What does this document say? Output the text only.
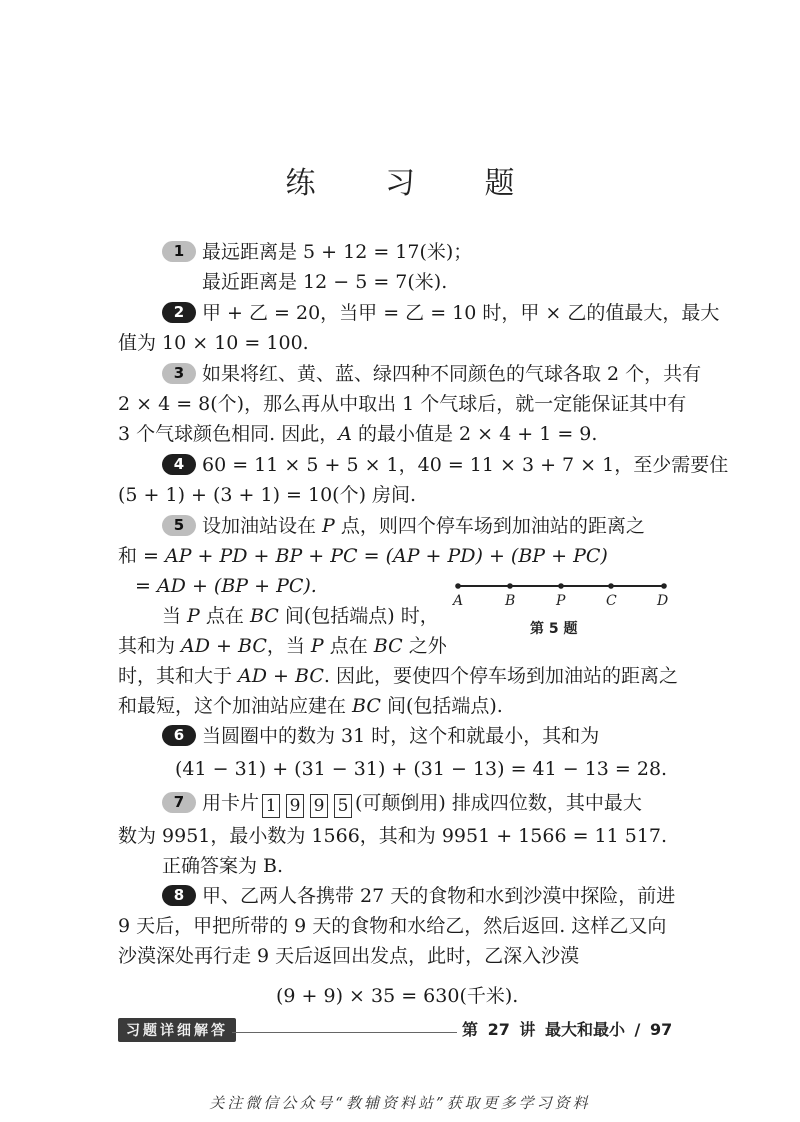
练 习 题
1 最远距离是 5 + 12 = 17(米)；
最近距离是 12 − 5 = 7(米).
2 甲 + 乙 = 20，当甲 = 乙 = 10 时，甲 × 乙的值最大，最大
值为 10 × 10 = 100.
3 如果将红、黄、蓝、绿四种不同颜色的气球各取 2 个，共有
2 × 4 = 8(个)，那么再从中取出 1 个气球后，就一定能保证其中有
3 个气球颜色相同. 因此，A 的最小值是 2 × 4 + 1 = 9.
4 60 = 11 × 5 + 5 × 1，40 = 11 × 3 + 7 × 1，至少需要住
(5 + 1) + (3 + 1) = 10(个) 房间.
5 设加油站设在 P 点，则四个停车场到加油站的距离之
和 = AP + PD + BP + PC = (AP + PD) + (BP + PC)
= AD + (BP + PC).
当 P 点在 BC 间(包括端点) 时，
其和为 AD + BC，当 P 点在 BC 之外
时，其和大于 AD + BC. 因此，要使四个停车场到加油站的距离之
和最短，这个加油站应建在 BC 间(包括端点).
A	B	P	C	D
第 5 题
6 当圆圈中的数为 31 时，这个和就最小，其和为
(41 − 31) + (31 − 31) + (31 − 13) = 41 − 13 = 28.
7 用卡片 1 9 9 5 (可颠倒用) 排成四位数，其中最大
数为 9951，最小数为 1566，其和为 9951 + 1566 = 11 517.
正确答案为 B.
8 甲、乙两人各携带 27 天的食物和水到沙漠中探险，前进
9 天后，甲把所带的 9 天的食物和水给乙，然后返回. 这样乙又向
沙漠深处再行走 9 天后返回出发点，此时，乙深入沙漠
(9 + 9) × 35 = 630(千米).
习题详细解答	第 27 讲 最大和最小 / 97
关注微信公众号“教辅资料站”获取更多学习资料
